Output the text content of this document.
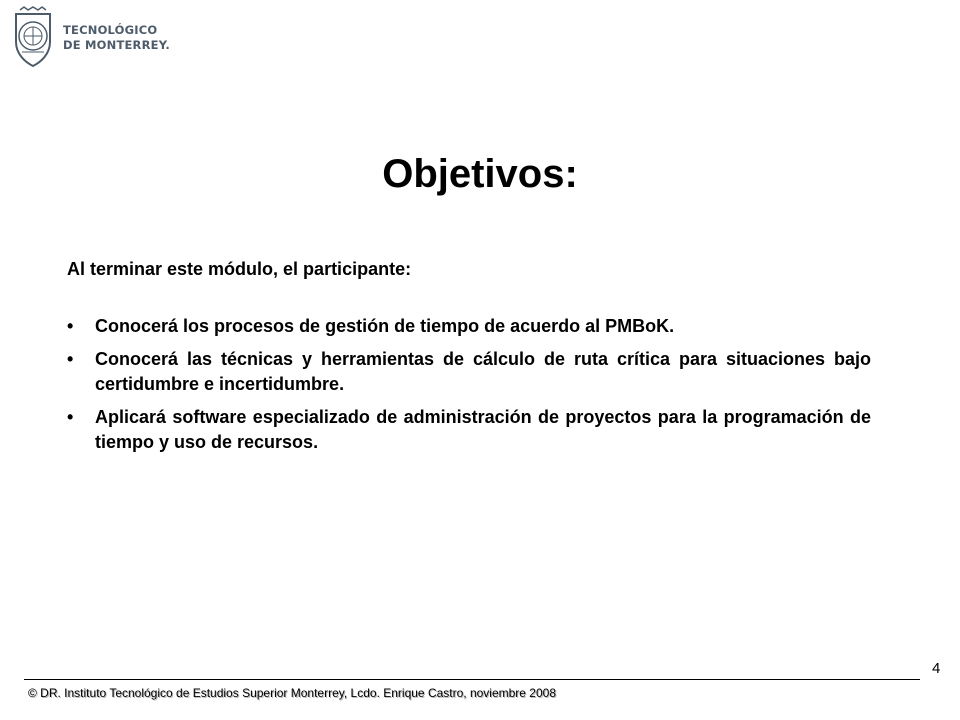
TECNOLÓGICO
DE MONTERREY.
Objetivos:
Al terminar este módulo, el participante:
• Conocerá los procesos de gestión de tiempo de acuerdo al PMBoK.
• Conocerá las técnicas y herramientas de cálculo de ruta crítica para situaciones bajo certidumbre e incertidumbre.
• Aplicará software especializado de administración de proyectos para la programación de tiempo y uso de recursos.
4
© DR. Instituto Tecnológico de Estudios Superior Monterrey, Lcdo. Enrique Castro, noviembre 2008
